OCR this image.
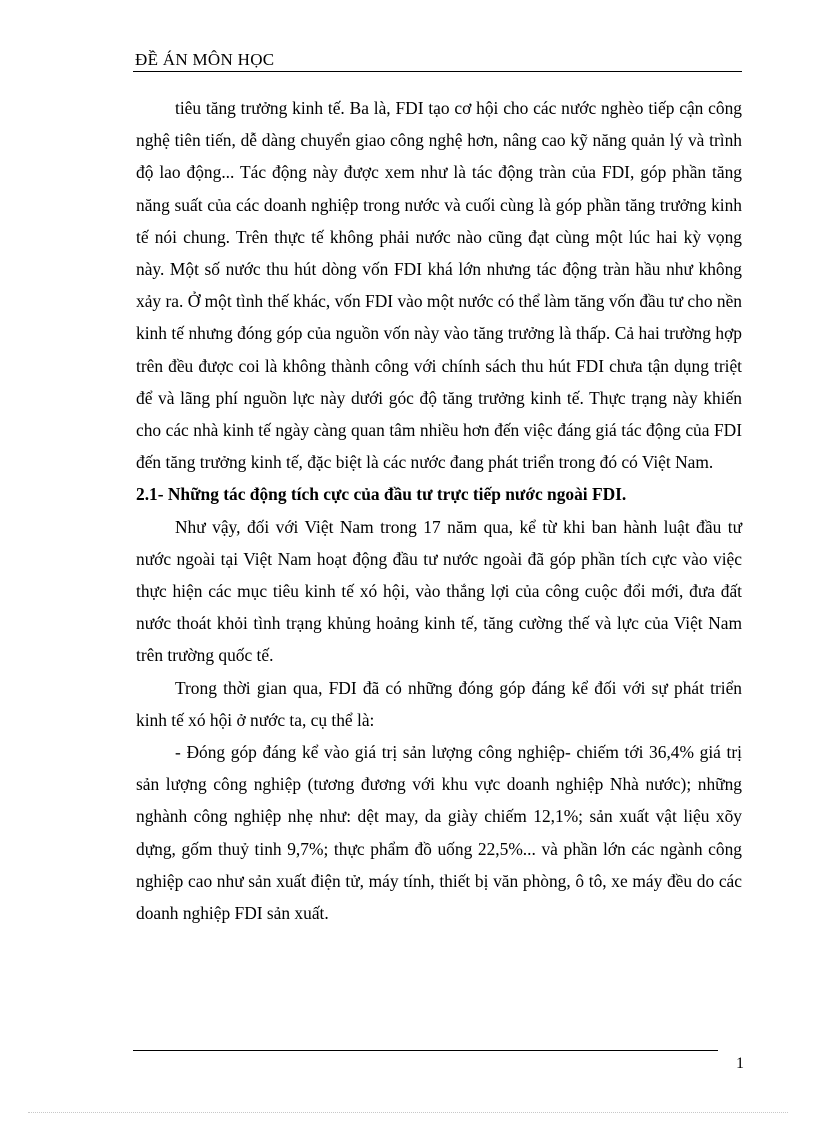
ĐỀ ÁN MÔN HỌC

tiêu tăng trưởng kinh tế. Ba là, FDI tạo cơ hội cho các nước nghèo tiếp cận công nghệ tiên tiến, dễ dàng chuyển giao công nghệ hơn, nâng cao kỹ năng quản lý và trình độ lao động... Tác động này được xem như là tác động tràn của FDI, góp phần tăng năng suất của các doanh nghiệp trong nước và cuối cùng là góp phần tăng trưởng kinh tế nói chung. Trên thực tế không phải nước nào cũng đạt cùng một lúc hai kỳ vọng này. Một số nước thu hút dòng vốn FDI khá lớn nhưng tác động tràn hầu như không xảy ra. Ở một tình thế khác, vốn FDI vào một nước có thể làm tăng vốn đầu tư cho nền kinh tế nhưng đóng góp của nguồn vốn này vào tăng trưởng là thấp. Cả hai trường hợp trên đều được coi là không thành công với chính sách thu hút FDI chưa tận dụng triệt để và lãng phí nguồn lực này dưới góc độ tăng trưởng kinh tế. Thực trạng này khiến cho các nhà kinh tế ngày càng quan tâm nhiều hơn đến việc đáng giá tác động của FDI đến tăng trưởng kinh tế, đặc biệt là các nước đang phát triển trong đó có Việt Nam.

2.1- Những tác động tích cực của đầu tư trực tiếp nước ngoài FDI.

Như vậy, đối với Việt Nam trong 17 năm qua, kể từ khi ban hành luật đầu tư nước ngoài tại Việt Nam hoạt động đầu tư nước ngoài đã góp phần tích cực vào việc thực hiện các mục tiêu kinh tế xó hội, vào thắng lợi của công cuộc đổi mới, đưa đất nước thoát khỏi tình trạng khủng hoảng kinh tế, tăng cường thế và lực của Việt Nam trên trường quốc tế.

Trong thời gian qua, FDI đã có những đóng góp đáng kể đối với sự phát triển kinh tế xó hội ở nước ta, cụ thể là:

- Đóng góp đáng kể vào giá trị sản lượng công nghiệp- chiếm tới 36,4% giá trị sản lượng công nghiệp (tương đương với khu vực doanh nghiệp Nhà nước); những nghành công nghiệp nhẹ như: dệt may, da giày chiếm 12,1%; sản xuất vật liệu xõy dựng, gốm thuỷ tinh 9,7%; thực phẩm đồ uống 22,5%... và phần lớn các ngành công nghiệp cao như sản xuất điện tử, máy tính, thiết bị văn phòng, ô tô, xe máy đều do các doanh nghiệp FDI sản xuất.

1
